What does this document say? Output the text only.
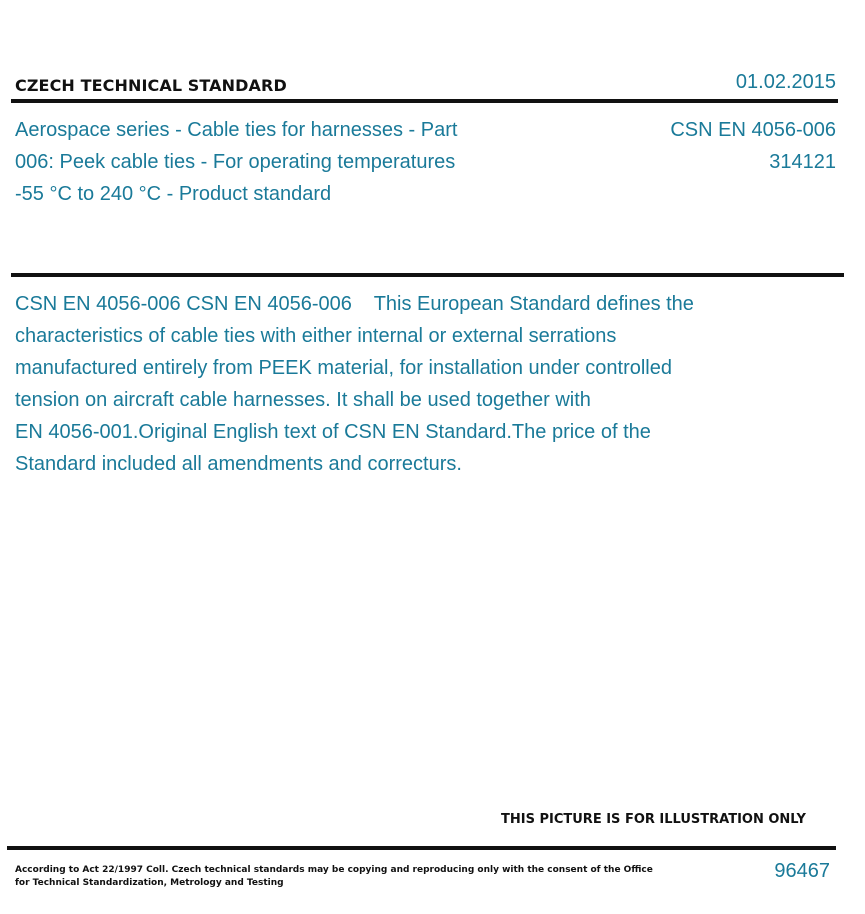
CZECH TECHNICAL STANDARD	01.02.2015
Aerospace series - Cable ties for harnesses - Part
006: Peek cable ties - For operating temperatures
-55 °C to 240 °C - Product standard
CSN EN 4056-006
314121
CSN EN 4056-006 CSN EN 4056-006    This European Standard defines the
characteristics of cable ties with either internal or external serrations
manufactured entirely from PEEK material, for installation under controlled
tension on aircraft cable harnesses. It shall be used together with
EN 4056-001.Original English text of CSN EN Standard.The price of the
Standard included all amendments and correcturs.
THIS PICTURE IS FOR ILLUSTRATION ONLY
According to Act 22/1997 Coll. Czech technical standards may be copying and reproducing only with the consent of the Office
for Technical Standardization, Metrology and Testing
96467
